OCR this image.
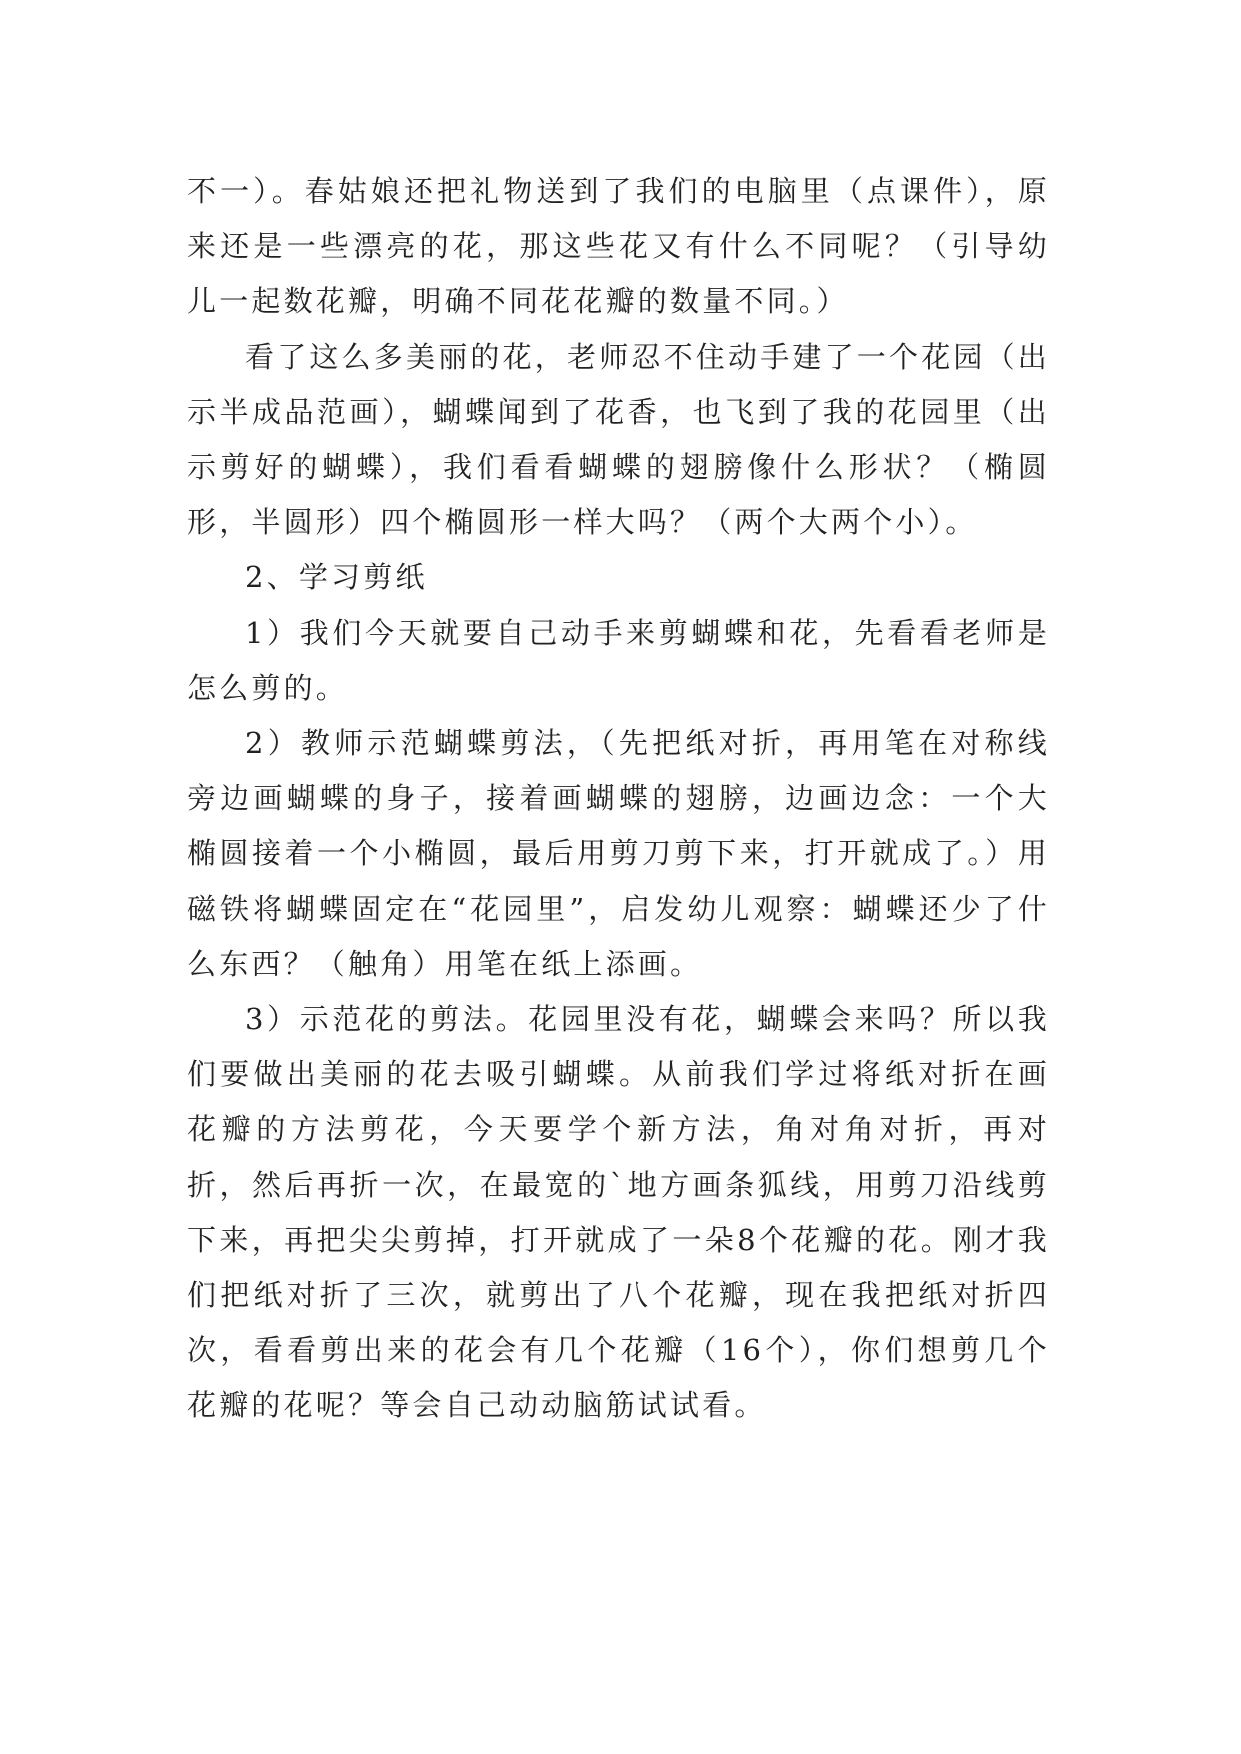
不一）。春姑娘还把礼物送到了我们的电脑里（点课件），原来还是一些漂亮的花，那这些花又有什么不同呢？（引导幼儿一起数花瓣，明确不同花花瓣的数量不同。）

看了这么多美丽的花，老师忍不住动手建了一个花园（出示半成品范画），蝴蝶闻到了花香，也飞到了我的花园里（出示剪好的蝴蝶），我们看看蝴蝶的翅膀像什么形状？（椭圆形，半圆形）四个椭圆形一样大吗？（两个大两个小）。

2、学习剪纸

1）我们今天就要自己动手来剪蝴蝶和花，先看看老师是怎么剪的。

2）教师示范蝴蝶剪法，（先把纸对折，再用笔在对称线旁边画蝴蝶的身子，接着画蝴蝶的翅膀，边画边念：一个大椭圆接着一个小椭圆，最后用剪刀剪下来，打开就成了。）用磁铁将蝴蝶固定在“花园里”，启发幼儿观察：蝴蝶还少了什么东西？（触角）用笔在纸上添画。

3）示范花的剪法。花园里没有花，蝴蝶会来吗？所以我们要做出美丽的花去吸引蝴蝶。从前我们学过将纸对折在画花瓣的方法剪花，今天要学个新方法，角对角对折，再对折，然后再折一次，在最宽的`地方画条狐线，用剪刀沿线剪下来，再把尖尖剪掉，打开就成了一朵8个花瓣的花。刚才我们把纸对折了三次，就剪出了八个花瓣，现在我把纸对折四次，看看剪出来的花会有几个花瓣（16个），你们想剪几个花瓣的花呢？等会自己动动脑筋试试看。
